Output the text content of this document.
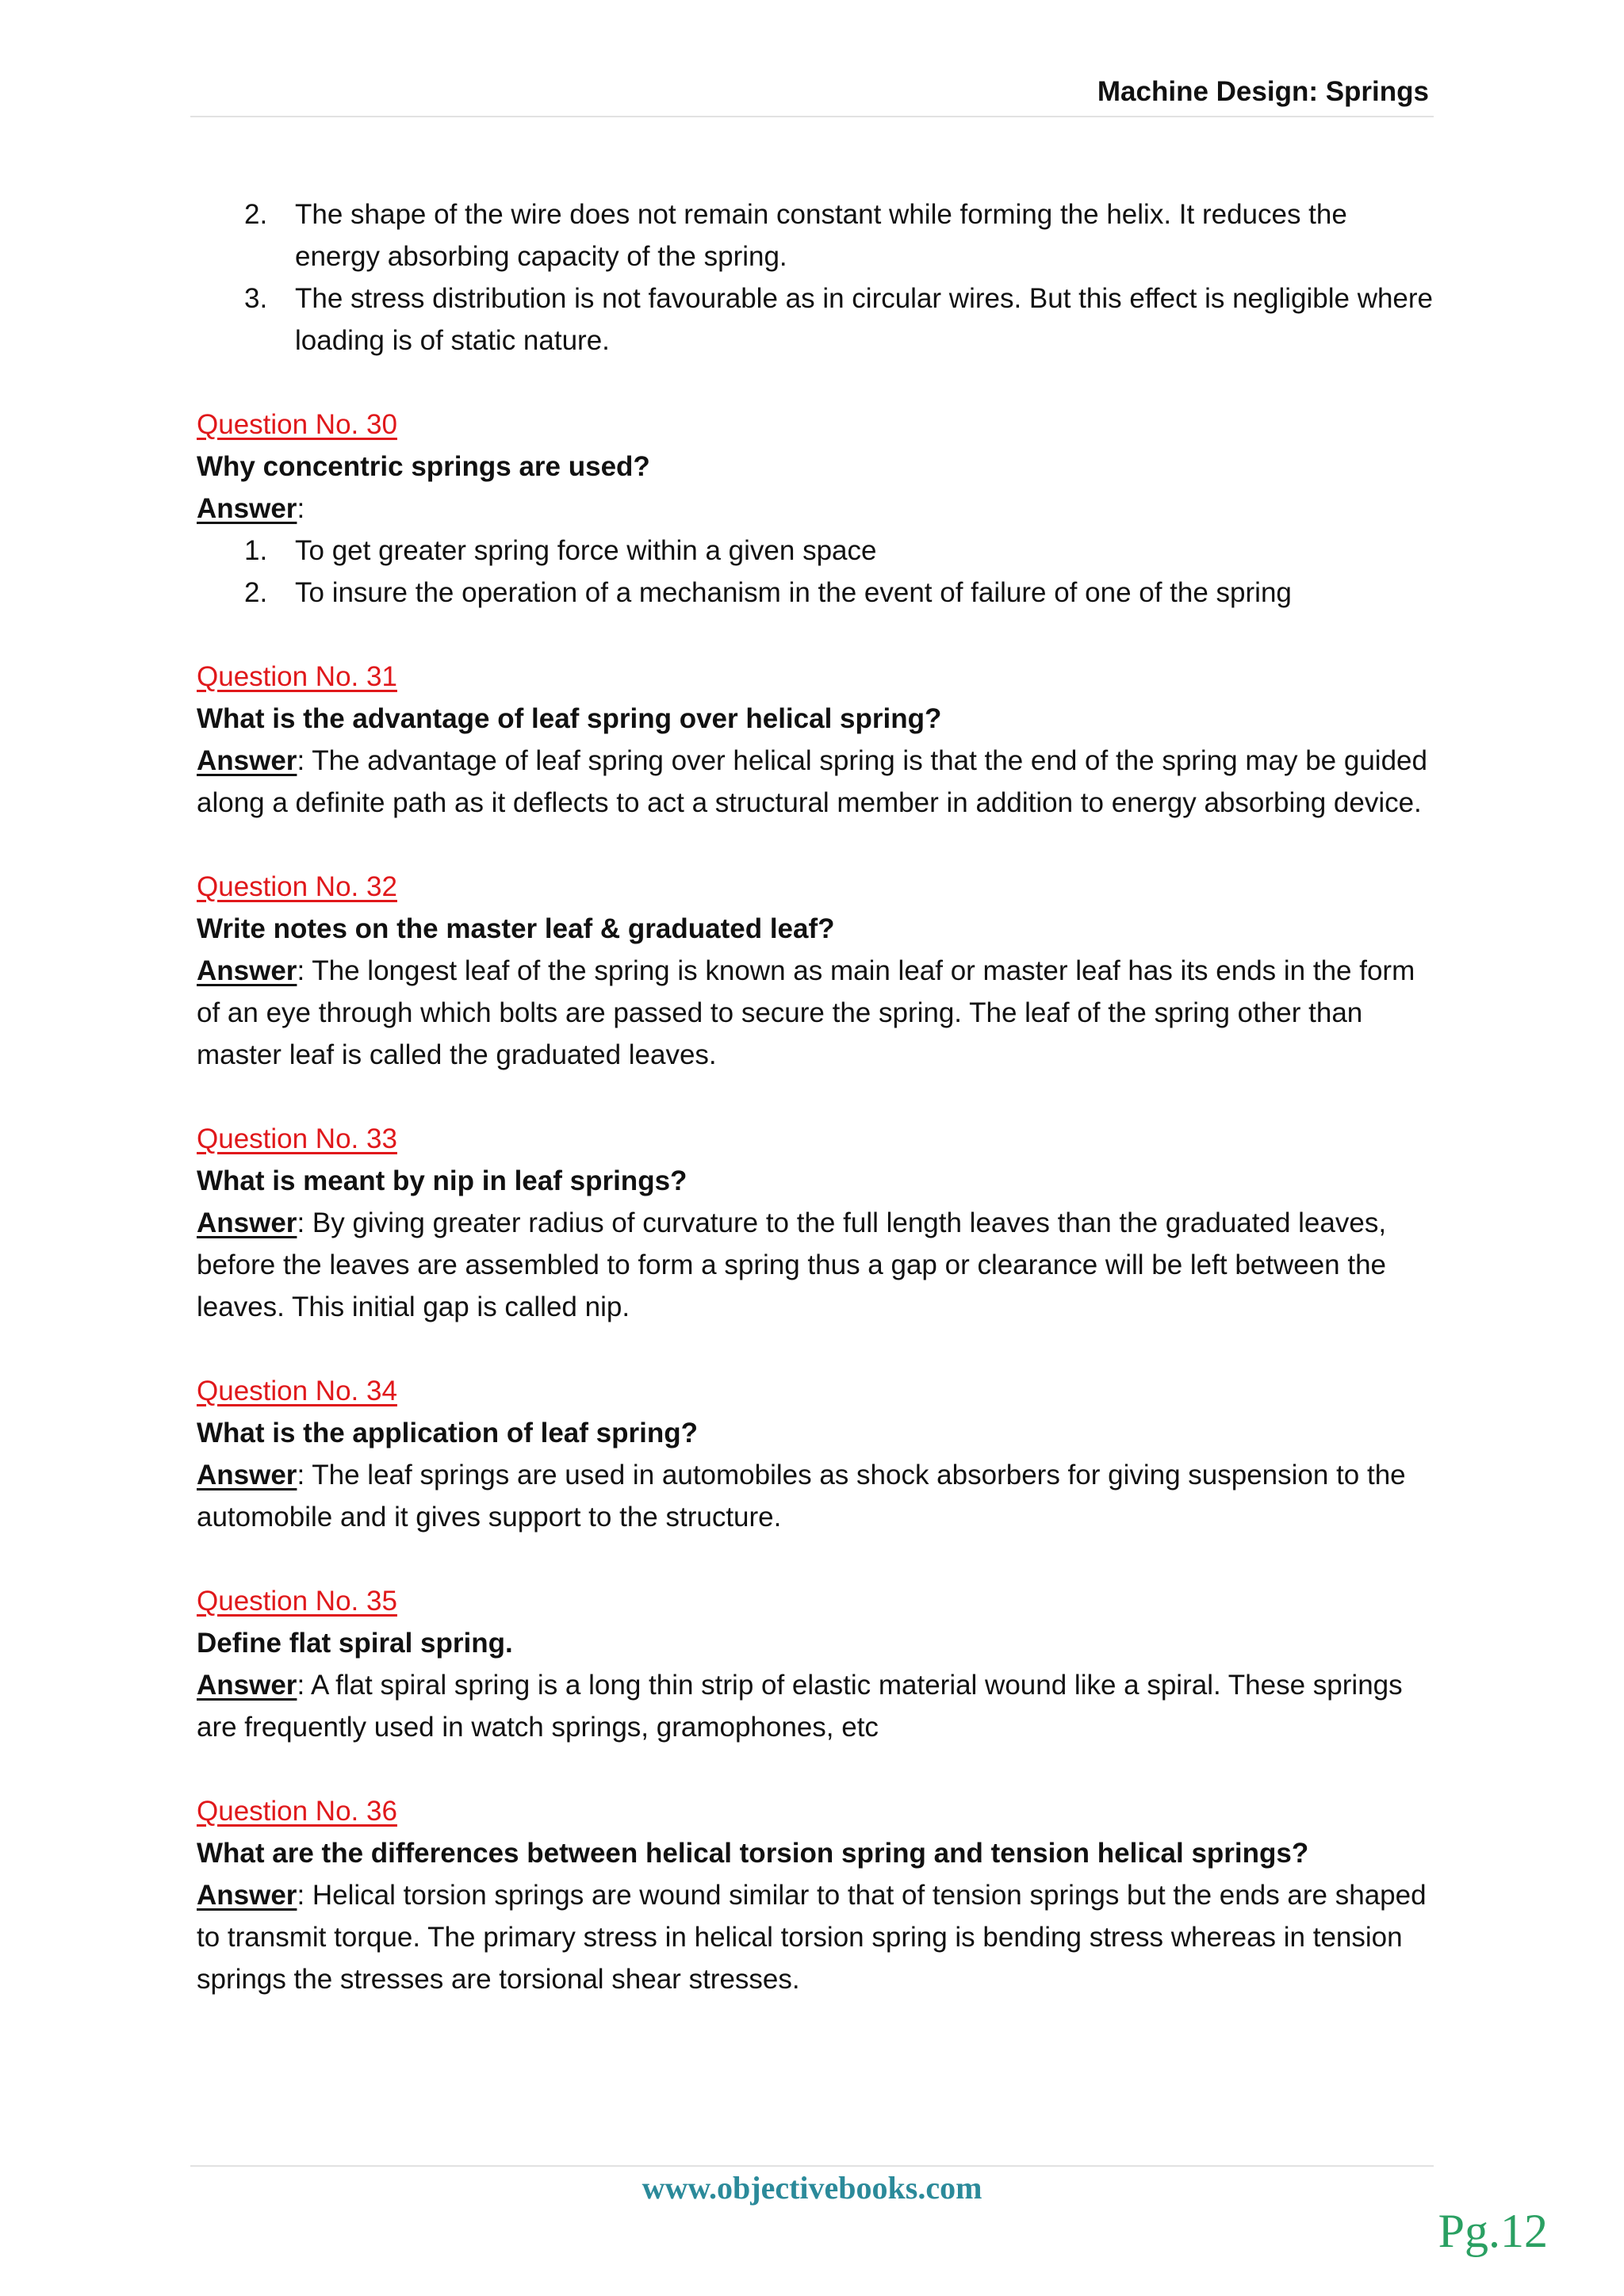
Machine Design: Springs
2. The shape of the wire does not remain constant while forming the helix. It reduces the energy absorbing capacity of the spring.
3. The stress distribution is not favourable as in circular wires. But this effect is negligible where loading is of static nature.

Question No. 30

Why concentric springs are used?

Answer:

1. To get greater spring force within a given space
2. To insure the operation of a mechanism in the event of failure of one of the spring

Question No. 31

What is the advantage of leaf spring over helical spring?

Answer: The advantage of leaf spring over helical spring is that the end of the spring may be guided along a definite path as it deflects to act a structural member in addition to energy absorbing device.

Question No. 32

Write notes on the master leaf & graduated leaf?

Answer: The longest leaf of the spring is known as main leaf or master leaf has its ends in the form of an eye through which bolts are passed to secure the spring. The leaf of the spring other than master leaf is called the graduated leaves.

Question No. 33

What is meant by nip in leaf springs?

Answer: By giving greater radius of curvature to the full length leaves than the graduated leaves, before the leaves are assembled to form a spring thus a gap or clearance will be left between the leaves. This initial gap is called nip.

Question No. 34

What is the application of leaf spring?

Answer: The leaf springs are used in automobiles as shock absorbers for giving suspension to the automobile and it gives support to the structure.

Question No. 35

Define flat spiral spring.

Answer: A flat spiral spring is a long thin strip of elastic material wound like a spiral. These springs are frequently used in watch springs, gramophones, etc

Question No. 36

What are the differences between helical torsion spring and tension helical springs?

Answer: Helical torsion springs are wound similar to that of tension springs but the ends are shaped to transmit torque. The primary stress in helical torsion spring is bending stress whereas in tension springs the stresses are torsional shear stresses.

www.objectivebooks.com
Pg.12
